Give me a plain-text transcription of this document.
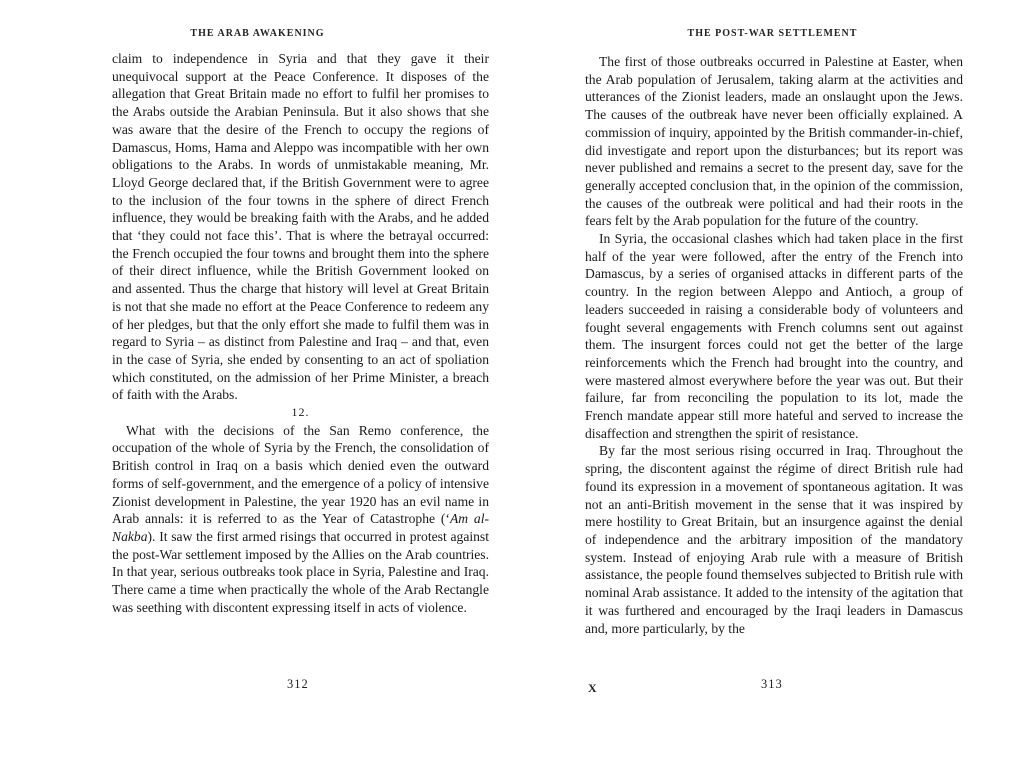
THE ARAB AWAKENING

claim to independence in Syria and that they gave it their unequivocal support at the Peace Conference. It disposes of the allegation that Great Britain made no effort to fulfil her promises to the Arabs outside the Arabian Peninsula. But it also shows that she was aware that the desire of the French to occupy the regions of Damascus, Homs, Hama and Aleppo was incompatible with her own obligations to the Arabs. In words of unmistakable meaning, Mr. Lloyd George declared that, if the British Government were to agree to the inclusion of the four towns in the sphere of direct French influence, they would be breaking faith with the Arabs, and he added that ‘they could not face this’. That is where the betrayal occurred: the French occupied the four towns and brought them into the sphere of their direct influence, while the British Government looked on and assented. Thus the charge that history will level at Great Britain is not that she made no effort at the Peace Conference to redeem any of her pledges, but that the only effort she made to fulfil them was in regard to Syria – as distinct from Palestine and Iraq – and that, even in the case of Syria, she ended by consenting to an act of spoliation which constituted, on the admission of her Prime Minister, a breach of faith with the Arabs.

12.

What with the decisions of the San Remo conference, the occupation of the whole of Syria by the French, the consolidation of British control in Iraq on a basis which denied even the outward forms of self-government, and the emergence of a policy of intensive Zionist development in Palestine, the year 1920 has an evil name in Arab annals: it is referred to as the Year of Catastrophe (‘Am al-Nakba). It saw the first armed risings that occurred in protest against the post-War settlement imposed by the Allies on the Arab countries. In that year, serious outbreaks took place in Syria, Palestine and Iraq. There came a time when practically the whole of the Arab Rectangle was seething with discontent expressing itself in acts of violence.

312
THE POST-WAR SETTLEMENT

The first of those outbreaks occurred in Palestine at Easter, when the Arab population of Jerusalem, taking alarm at the activities and utterances of the Zionist leaders, made an onslaught upon the Jews. The causes of the outbreak have never been officially explained. A commission of inquiry, appointed by the British commander-in-chief, did investigate and report upon the disturbances; but its report was never published and remains a secret to the present day, save for the generally accepted conclusion that, in the opinion of the commission, the causes of the outbreak were political and had their roots in the fears felt by the Arab population for the future of the country.

In Syria, the occasional clashes which had taken place in the first half of the year were followed, after the entry of the French into Damascus, by a series of organised attacks in different parts of the country. In the region between Aleppo and Antioch, a group of leaders succeeded in raising a considerable body of volunteers and fought several engagements with French columns sent out against them. The insurgent forces could not get the better of the large reinforcements which the French had brought into the country, and were mastered almost everywhere before the year was out. But their failure, far from reconciling the population to its lot, made the French mandate appear still more hateful and served to increase the disaffection and strengthen the spirit of resistance.

By far the most serious rising occurred in Iraq. Throughout the spring, the discontent against the régime of direct British rule had found its expression in a movement of spontaneous agitation. It was not an anti-British movement in the sense that it was inspired by mere hostility to Great Britain, but an insurgence against the denial of independence and the arbitrary imposition of the mandatory system. Instead of enjoying Arab rule with a measure of British assistance, the people found themselves subjected to British rule with nominal Arab assistance. It added to the intensity of the agitation that it was furthered and encouraged by the Iraqi leaders in Damascus and, more particularly, by the

X	313
